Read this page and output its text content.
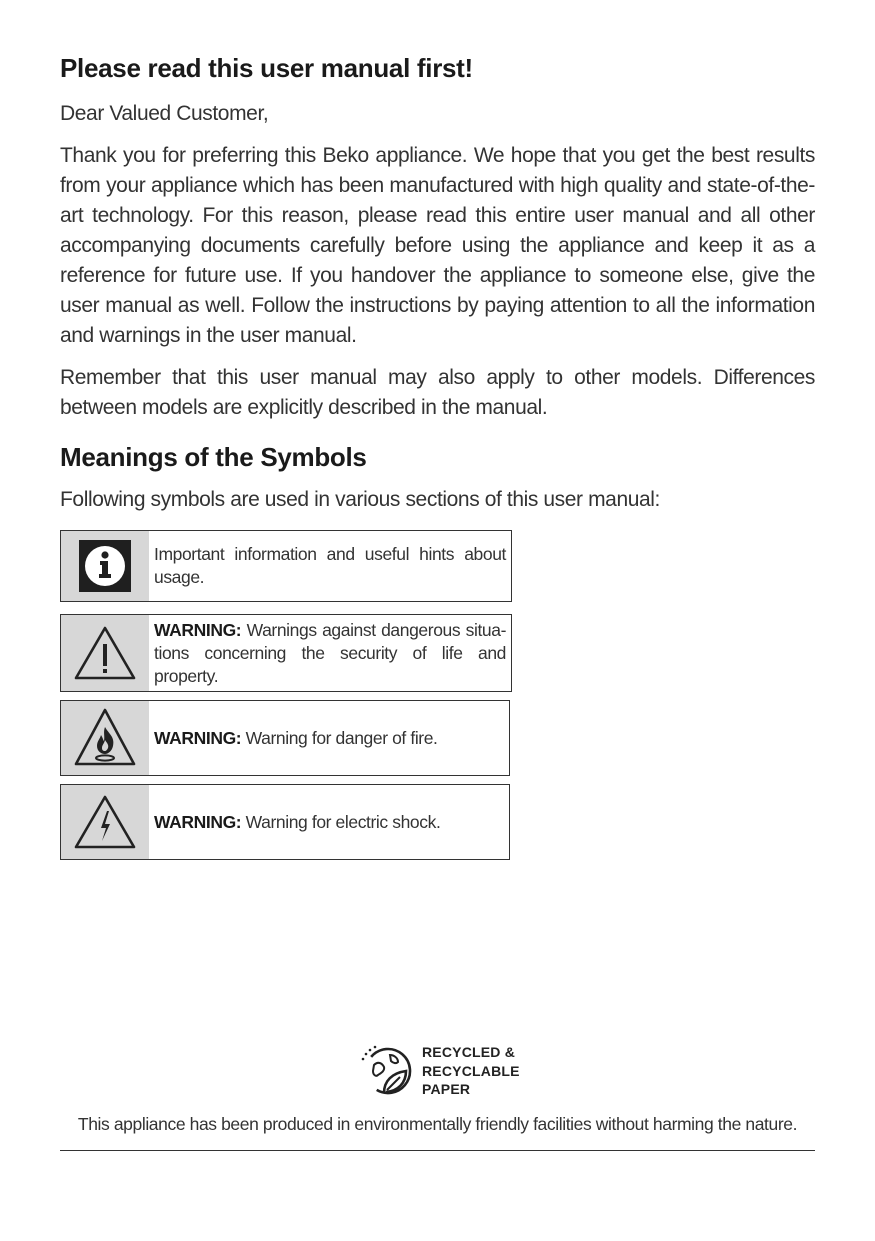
Please read this user manual first!
Dear Valued Customer,
Thank you for preferring this Beko appliance. We hope that you get the best results from your appliance which has been manufactured with high quality and state-of-the-art technology. For this reason, please read this entire user manual and all other accompanying documents carefully before using the appliance and keep it as a reference for future use. If you handover the appliance to someone else, give the user manual as well. Follow the instructions by paying attention to all the information and warnings in the user manual.
Remember that this user manual may also apply to other models. Differences between models are explicitly described in the manual.
Meanings of the Symbols
Following symbols are used in various sections of this user manual:
Important information and useful hints about usage.
WARNING: Warnings against dangerous situa-tions concerning the security of life and property.
WARNING: Warning for danger of fire.
WARNING: Warning for electric shock.
RECYCLED &
RECYCLABLE
PAPER
This appliance has been produced in environmentally friendly facilities without harming the nature.
